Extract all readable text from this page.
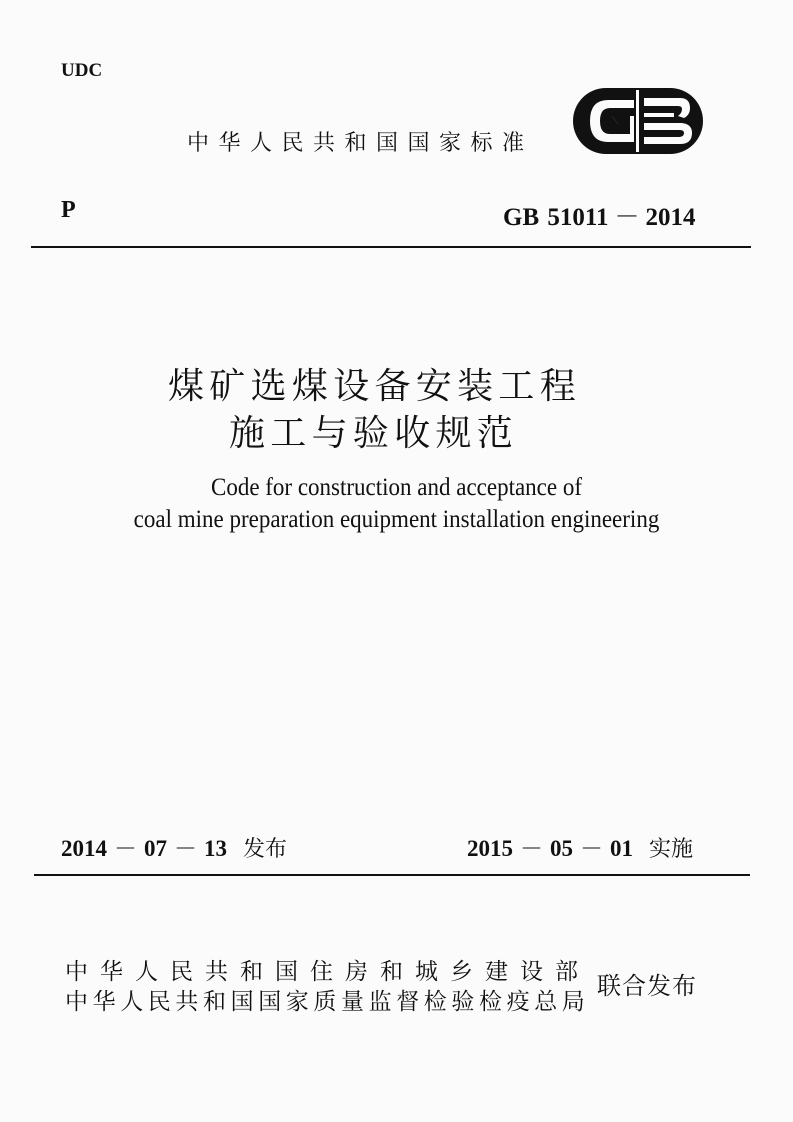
UDC
中华人民共和国国家标准
P	GB 51011 － 2014
煤矿选煤设备安装工程
施工与验收规范
Code for construction and acceptance of
coal mine preparation equipment installation engineering
2014 － 07 － 13 发布	2015 － 05 － 01 实施
中华人民共和国住房和城乡建设部
中华人民共和国国家质量监督检验检疫总局
联合发布
